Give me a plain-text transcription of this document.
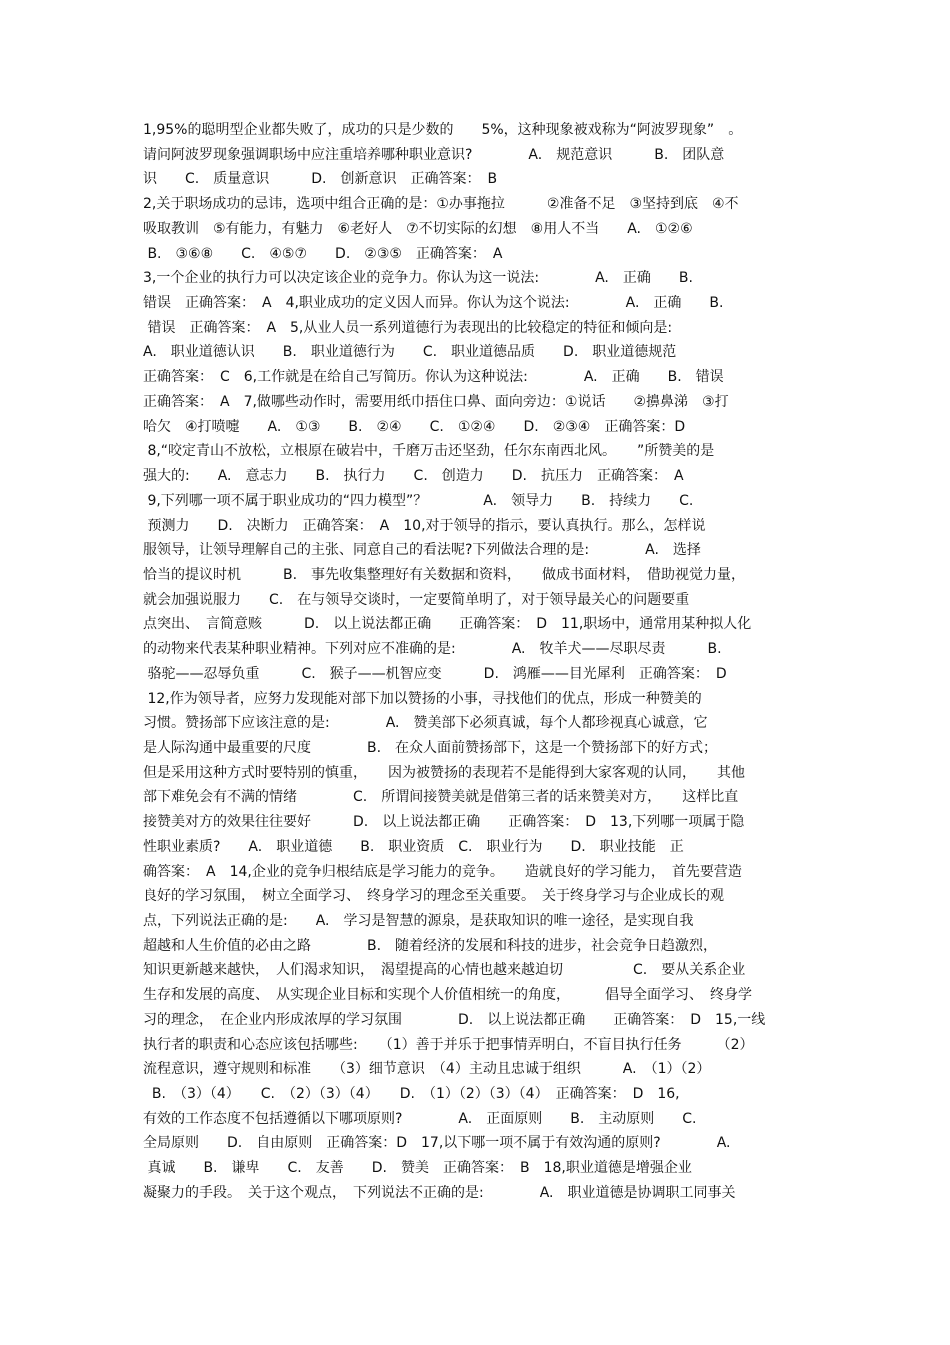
1,95%的聪明型企业都失败了，成功的只是少数的　　5%，这种现象被戏称为“阿波罗现象”　。
请问阿波罗现象强调职场中应注重培养哪种职业意识?　　　　A.　规范意识　　　B.　团队意
识　　C.　质量意识　　　D.　创新意识　正确答案：　B
2,关于职场成功的忌讳，选项中组合正确的是：①办事拖拉　　　②准备不足　③坚持到底　④不
吸取教训　⑤有能力，有魅力　⑥老好人　⑦不切实际的幻想　⑧用人不当　　A.　①②⑥
B.　③⑥⑧　　C.　④⑤⑦　　D.　②③⑤　正确答案：　A
3,一个企业的执行力可以决定该企业的竞争力。你认为这一说法:　　　　A.　正确　　B.
错误　正确答案：　A　4,职业成功的定义因人而异。你认为这个说法:　　　　A.　正确　　B.
错误　正确答案：　A　5,从业人员一系列道德行为表现出的比较稳定的特征和倾向是:
A.　职业道德认识　　B.　职业道德行为　　C.　职业道德品质　　D.　职业道德规范
正确答案：　C　6,工作就是在给自己写简历。你认为这种说法:　　　　A.　正确　　B.　错误
正确答案：　A　7,做哪些动作时，需要用纸巾捂住口鼻、面向旁边：①说话　　②擤鼻涕　③打
哈欠　④打喷嚏　　A.　①③　　B.　②④　　C.　①②④　　D.　②③④　正确答案：D
8,“咬定青山不放松，立根原在破岩中，千磨万击还坚劲，任尔东南西北风。　　”所赞美的是
强大的:　　A.　意志力　　B.　执行力　　C.　创造力　　D.　抗压力　正确答案：　A
9,下列哪一项不属于职业成功的“四力模型”？　　　　A.　领导力　　B.　持续力　　C.
预测力　　D.　决断力　正确答案：　A　10,对于领导的指示，要认真执行。那么，怎样说
服领导，让领导理解自己的主张、同意自己的看法呢?下列做法合理的是:　　　　A.　选择
恰当的提议时机　　　B.　事先收集整理好有关数据和资料，　　做成书面材料，　借助视觉力量，
就会加强说服力　　C.　在与领导交谈时，一定要简单明了，对于领导最关心的问题要重
点突出、　言简意赅　　　D.　以上说法都正确　　正确答案：　D　11,职场中，通常用某种拟人化
的动物来代表某种职业精神。下列对应不准确的是:　　　　A.　牧羊犬——尽职尽责　　　B.
骆驼——忍辱负重　　　C.　猴子——机智应变　　　D.　鸿雁——目光犀利　正确答案：　D
12,作为领导者，应努力发现能对部下加以赞扬的小事，寻找他们的优点，形成一种赞美的
习惯。赞扬部下应该注意的是:　　　　A.　赞美部下必须真诚，每个人都珍视真心诚意，它
是人际沟通中最重要的尺度　　　　B.　在众人面前赞扬部下，这是一个赞扬部下的好方式；
但是采用这种方式时要特别的慎重，　　因为被赞扬的表现若不是能得到大家客观的认同，　　其他
部下难免会有不满的情绪　　　　C.　所谓间接赞美就是借第三者的话来赞美对方，　　这样比直
接赞美对方的效果往往要好　　　D.　以上说法都正确　　正确答案：　D　13,下列哪一项属于隐
性职业素质?　　A.　职业道德　　B.　职业资质　C.　职业行为　　D.　职业技能　正
确答案：　A　14,企业的竞争归根结底是学习能力的竞争。　　造就良好的学习能力，　首先要营造
良好的学习氛围，　树立全面学习、　终身学习的理念至关重要。　关于终身学习与企业成长的观
点，下列说法正确的是:　　A.　学习是智慧的源泉，是获取知识的唯一途径，是实现自我
超越和人生价值的必由之路　　　　B.　随着经济的发展和科技的进步，社会竞争日趋激烈，
知识更新越来越快，　人们渴求知识，　渴望提高的心情也越来越迫切　　　　　C.　要从关系企业
生存和发展的高度、　从实现企业目标和实现个人价值相统一的角度，　　　倡导全面学习、　终身学
习的理念，　在企业内形成浓厚的学习氛围　　　　D.　以上说法都正确　　正确答案：　D　15,一线
执行者的职责和心态应该包括哪些:　　（1）善于并乐于把事情弄明白，不盲目执行任务　　　（2）
流程意识，遵守规则和标准　　（3）细节意识　（4）主动且忠诚于组织　　　A.　（1）（2）
B.　（3）（4）　　C.　（2）（3）（4）　　D.　（1）（2）（3）（4）　正确答案：　D　16,
有效的工作态度不包括遵循以下哪项原则?　　　　A.　正面原则　　B.　主动原则　　C.
全局原则　　D.　自由原则　正确答案：D　17,以下哪一项不属于有效沟通的原则?　　　　A.
真诚　　B.　谦卑　　C.　友善　　D.　赞美　正确答案：　B　18,职业道德是增强企业
凝聚力的手段。　关于这个观点，　下列说法不正确的是:　　　　A.　职业道德是协调职工同事关
